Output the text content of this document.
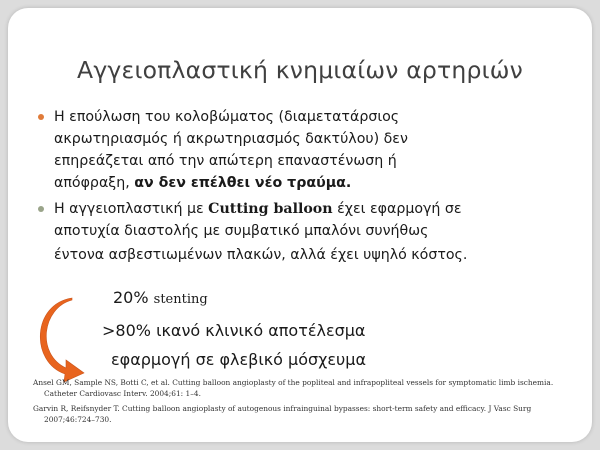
Αγγειοπλαστική κνημιαίων αρτηριών
Η επούλωση του κολοβώματος (διαμετατάρσιος
ακρωτηριασμός ή ακρωτηριασμός δακτύλου) δεν
επηρεάζεται από την απώτερη επαναστένωση ή
απόφραξη, αν δεν επέλθει νέο τραύμα.
Η αγγειοπλαστική με Cutting balloon έχει εφαρμογή σε
αποτυχία διαστολής με συμβατικό μπαλόνι συνήθως
έντονα ασβεστιωμένων πλακών, αλλά έχει υψηλό κόστος.
20% stenting
>80% ικανό κλινικό αποτέλεσμα
εφαρμογή σε φλεβικό μόσχευμα
Ansel GM, Sample NS, Botti C, et al. Cutting balloon angioplasty of the popliteal and infrapopliteal vessels for symptomatic limb ischemia.
Catheter Cardiovasc Interv. 2004;61: 1–4.
Garvin R, Reifsnyder T. Cutting balloon angioplasty of autogenous infrainguinal bypasses: short-term safety and efficacy. J Vasc Surg
2007;46:724–730.
